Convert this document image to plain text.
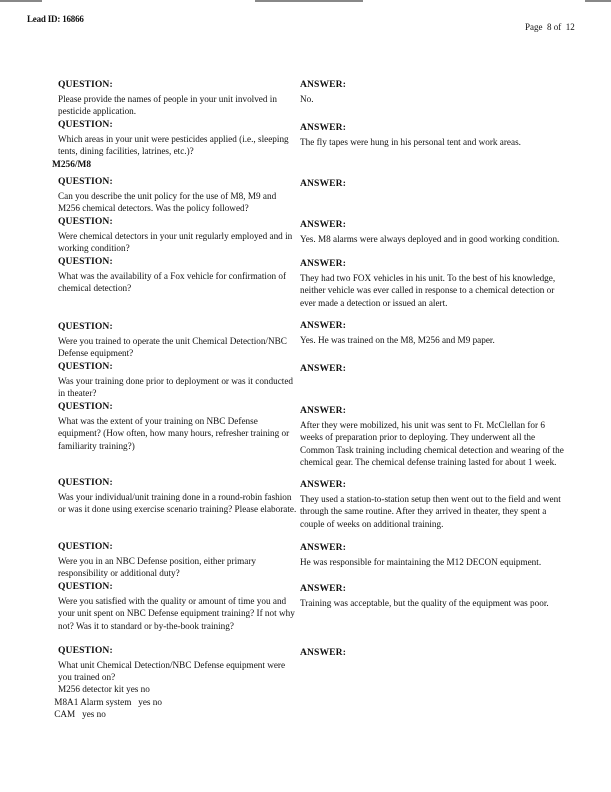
Lead ID: 16866
Page  8 of  12
QUESTION:
Please provide the names of people in your unit involved in pesticide application.
ANSWER:
No.
QUESTION:
Which areas in your unit were pesticides applied (i.e., sleeping tents, dining facilities, latrines, etc.)?
ANSWER:
The fly tapes were hung in his personal tent and work areas.
M256/M8
QUESTION:
Can you describe the unit policy for the use of M8, M9 and M256 chemical detectors. Was the policy followed?
ANSWER:
QUESTION:
Were chemical detectors in your unit regularly employed and in working condition?
ANSWER:
Yes. M8 alarms were always deployed and in good working condition.
QUESTION:
What was the availability of a Fox vehicle for confirmation of chemical detection?
ANSWER:
They had two FOX vehicles in his unit. To the best of his knowledge, neither vehicle was ever called in response to a chemical detection or ever made a detection or issued an alert.
QUESTION:
Were you trained to operate the unit Chemical Detection/NBC Defense equipment?
ANSWER:
Yes. He was trained on the M8, M256 and M9 paper.
QUESTION:
Was your training done prior to deployment or was it conducted in theater?
ANSWER:
QUESTION:
What was the extent of your training on NBC Defense equipment? (How often, how many hours, refresher training or familiarity training?)
ANSWER:
After they were mobilized, his unit was sent to Ft. McClellan for 6 weeks of preparation prior to deploying. They underwent all the Common Task training including chemical detection and wearing of the chemical gear. The chemical defense training lasted for about 1 week.
QUESTION:
Was your individual/unit training done in a round-robin fashion or was it done using exercise scenario training? Please elaborate.
ANSWER:
They used a station-to-station setup then went out to the field and went through the same routine. After they arrived in theater, they spent a couple of weeks on additional training.
QUESTION:
Were you in an NBC Defense position, either primary responsibility or additional duty?
ANSWER:
He was responsible for maintaining the M12 DECON equipment.
QUESTION:
Were you satisfied with the quality or amount of time you and your unit spent on NBC Defense equipment training? If not why not? Was it to standard or by-the-book training?
ANSWER:
Training was acceptable, but the quality of the equipment was poor.
QUESTION:
What unit Chemical Detection/NBC Defense equipment were you trained on?
ANSWER:
M256 detector kit yes no
M8A1 Alarm system   yes no
CAM   yes no
